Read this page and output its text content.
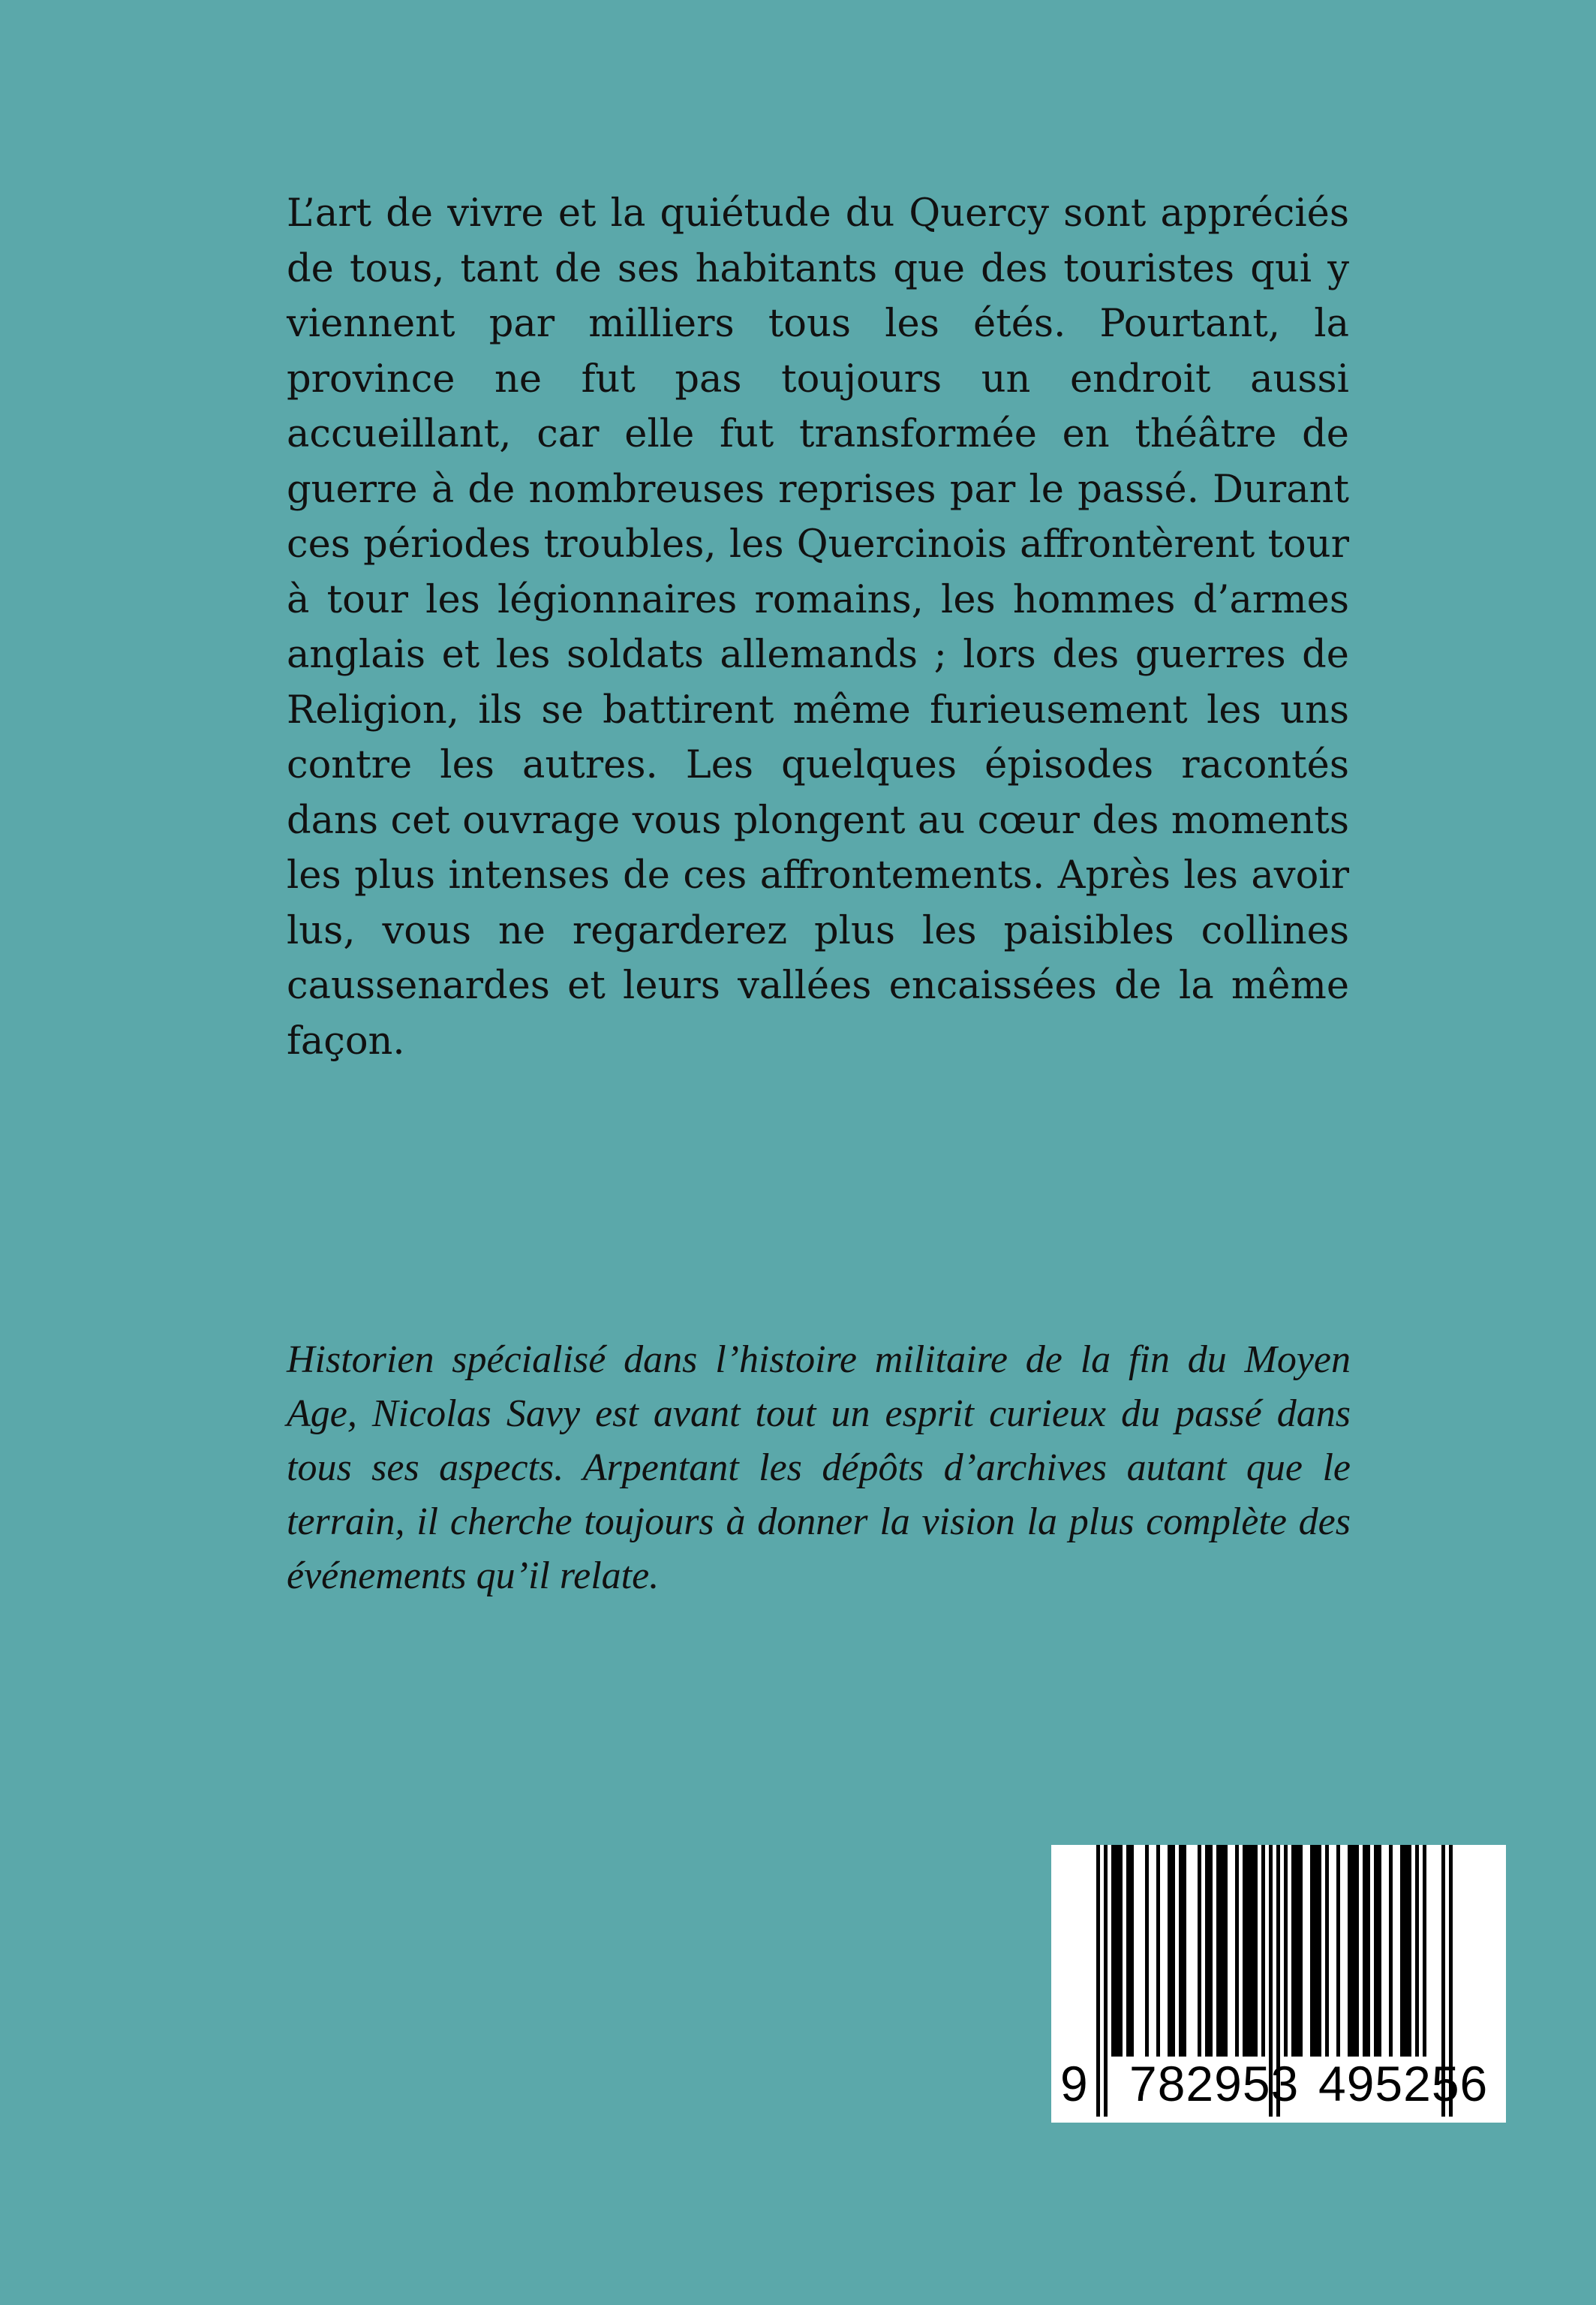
L’art de vivre et la quiétude du Quercy sont appréciés de tous, tant de ses habitants que des touristes qui y viennent par milliers tous les étés. Pourtant, la province ne fut pas toujours un endroit aussi accueillant, car elle fut transformée en théâtre de guerre à de nombreuses reprises par le passé. Durant ces périodes troubles, les Quercinois affrontèrent tour à tour les légionnaires romains, les hommes d’armes anglais et les soldats allemands ; lors des guerres de Religion, ils se battirent même furieusement les uns contre les autres. Les quelques épisodes racontés dans cet ouvrage vous plongent au cœur des moments les plus intenses de ces affrontements. Après les avoir lus, vous ne regarderez plus les paisibles collines caussenardes et leurs vallées encaissées de la même façon.

Historien spécialisé dans l’histoire militaire de la fin du Moyen Age, Nicolas Savy est avant tout un esprit curieux du passé dans tous ses aspects. Arpentant les dépôts d’archives autant que le terrain, il cherche toujours à donner la vision la plus complète des événements qu’il relate.

9 782953 495256
